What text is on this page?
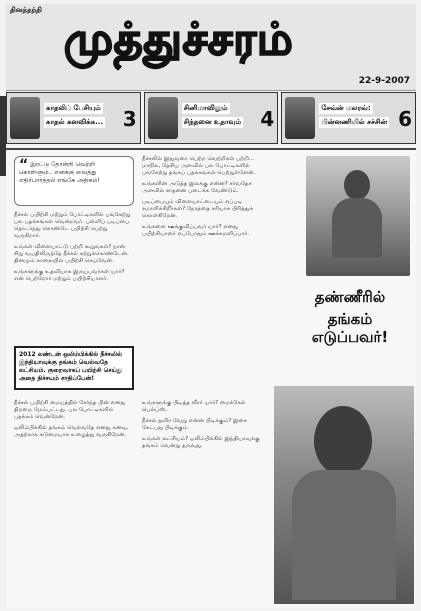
தினத்தந்தி
முத்துச்சரம்
22-9-2007
காதலிப் பேசியும்
காதல் கனவிக்க... 3	சினிமாவிலும்
சிந்தனை உதாவும் 4	சேவ்ன் மலரவ்:
பின்னணியில் சச்சின் 6
“ இரட்டு தோன்றி வெற்றி கொள்ளும்.. எனக்கு வைத்து எதிர்பார்த்தல் எங்கே அதிகம்!

நீச்சல் பயிற்சி மற்றும் போட்டிகளில் பங்கேற்று பல பதக்கங்கள் வென்றவர். பள்ளிப் படிப்பை தொடர்ந்து கொண்டே பயிற்சி பெற்று வருகிறார்.

உங்கள் விளையாட்டு பற்றி கூறுங்கள்? நான் சிறு வயதிலிருந்தே நீச்சல் கற்றுக்கொண்டேன். தினமும் காலையில் பயிற்சி செய்வேன்.

உங்களுக்கு உதவியாக இருப்பவர்கள் யார்? என் பெற்றோர் மற்றும் பயிற்சியாளர்.

2012 லண்டன் ஒலிம்பிக்கில் நீச்சலில் இந்தியாவுக்கு தங்கம் வெல்வதே லட்சியம். குறைவாகப் பயிற்சி செய்து அதை நிச்சயம் சாதிப்பேன்!

நீச்சல் பயிற்சி மையத்தில் சேர்ந்த பின் எனது திறமை மேம்பட்டது. பல போட்டிகளில் பதக்கம் வென்றேன்.

ஒலிம்பிக்கில் தங்கம் வெல்வதே எனது கனவு. அதற்காக கடுமையாக உழைத்து வருகிறேன்.

நீச்சலில் இதுவரை பெற்ற வெற்றிகள் பற்றி... மாநில, தேசிய அளவில் பல போட்டிகளில் பங்கேற்று தங்கப் பதக்கங்கள் பெற்றுள்ளேன்.

உங்களின் அடுத்த இலக்கு என்ன? சர்வதேச அளவில் சாதனை படைக்க வேண்டும்.

படிப்பையும் விளையாட்டையும் எப்படி சமாளிக்கிறீர்கள்? நேரத்தை சரியாக பிரித்துக் கொள்கிறேன்.

உங்களை ஊக்குவிப்பவர் யார்? எனது பயிற்சியாளர் எப்போதும் ஊக்கமளிப்பார்.

தண்ணீரில்
தங்கம் எடுப்பவர்!

உங்களுக்கு பிடித்த வீரர் யார்? மைக்கேல் பெல்ப்ஸ்.

நீச்சல் தவிர வேறு என்ன பிடிக்கும்? இசை கேட்பது பிடிக்கும்.

உங்கள் லட்சியம்? ஒலிம்பிக்கில் இந்தியாவுக்கு தங்கம் வென்று தருவது.
